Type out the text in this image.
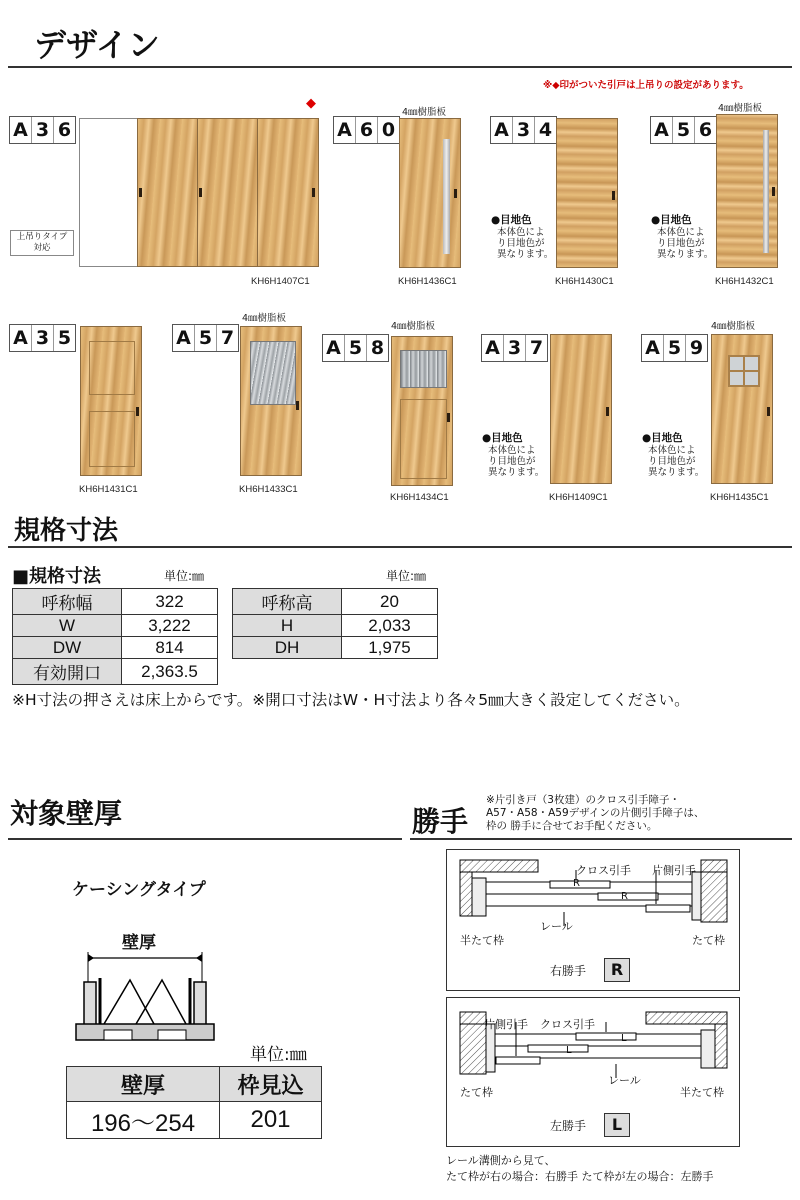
デザイン
※◆印がついた引戸は上吊りの設定があります。
A 3 6
上吊りタイプ
対応
◆
KH6H1407C1
A 6 0
4㎜樹脂板
KH6H1436C1
A 3 4
●目地色
本体色によ
り目地色が
異なります。
KH6H1430C1
A 5 6
4㎜樹脂板
●目地色
本体色によ
り目地色が
異なります。
KH6H1432C1
A 3 5
KH6H1431C1
A 5 7
4㎜樹脂板
KH6H1433C1
A 5 8
4㎜樹脂板
KH6H1434C1
A 3 7
●目地色
本体色によ
り目地色が
異なります。
KH6H1409C1
A 5 9
4㎜樹脂板
●目地色
本体色によ
り目地色が
異なります。
KH6H1435C1
規格寸法
■規格寸法	単位:㎜	単位:㎜
呼称幅	322
W	3,222
DW	814
有効開口	2,363.5
呼称高	20
H	2,033
DH	1,975
※H寸法の押さえは床上からです。※開口寸法はW・H寸法より各々5㎜大きく設定してください。
対象壁厚
ケーシングタイプ
壁厚
単位:㎜
壁厚	枠見込
196〜254	201
勝手
※片引き戸（3枚建）のクロス引手障子・
A57・A58・A59デザインの片側引手障子は、
枠の 勝手に合せてお手配ください。
R
R
クロス引手 片側引手
レール
半たて枠	たて枠
右勝手	R
L
L
片側引手 クロス引手
レール
たて枠	半たて枠
左勝手	L
レール溝側から見て、
たて枠が右の場合：右勝手 たて枠が左の場合：左勝手
